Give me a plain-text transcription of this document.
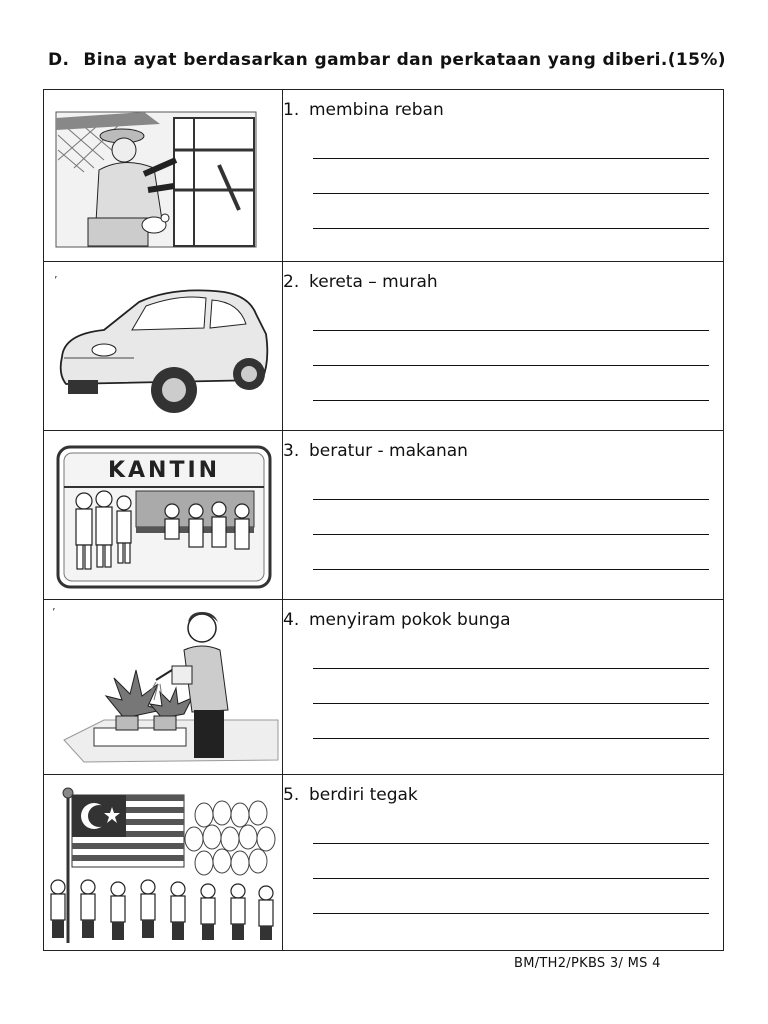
D. Bina ayat berdasarkan gambar dan perkataan yang diberi.(15%)

1. membina reban

’	2. kereta – murah

KANTIN	3. beratur - makanan

’	4. menyiram pokok bunga

5. berdiri tegak
BM/TH2/PKBS 3/ MS 4
